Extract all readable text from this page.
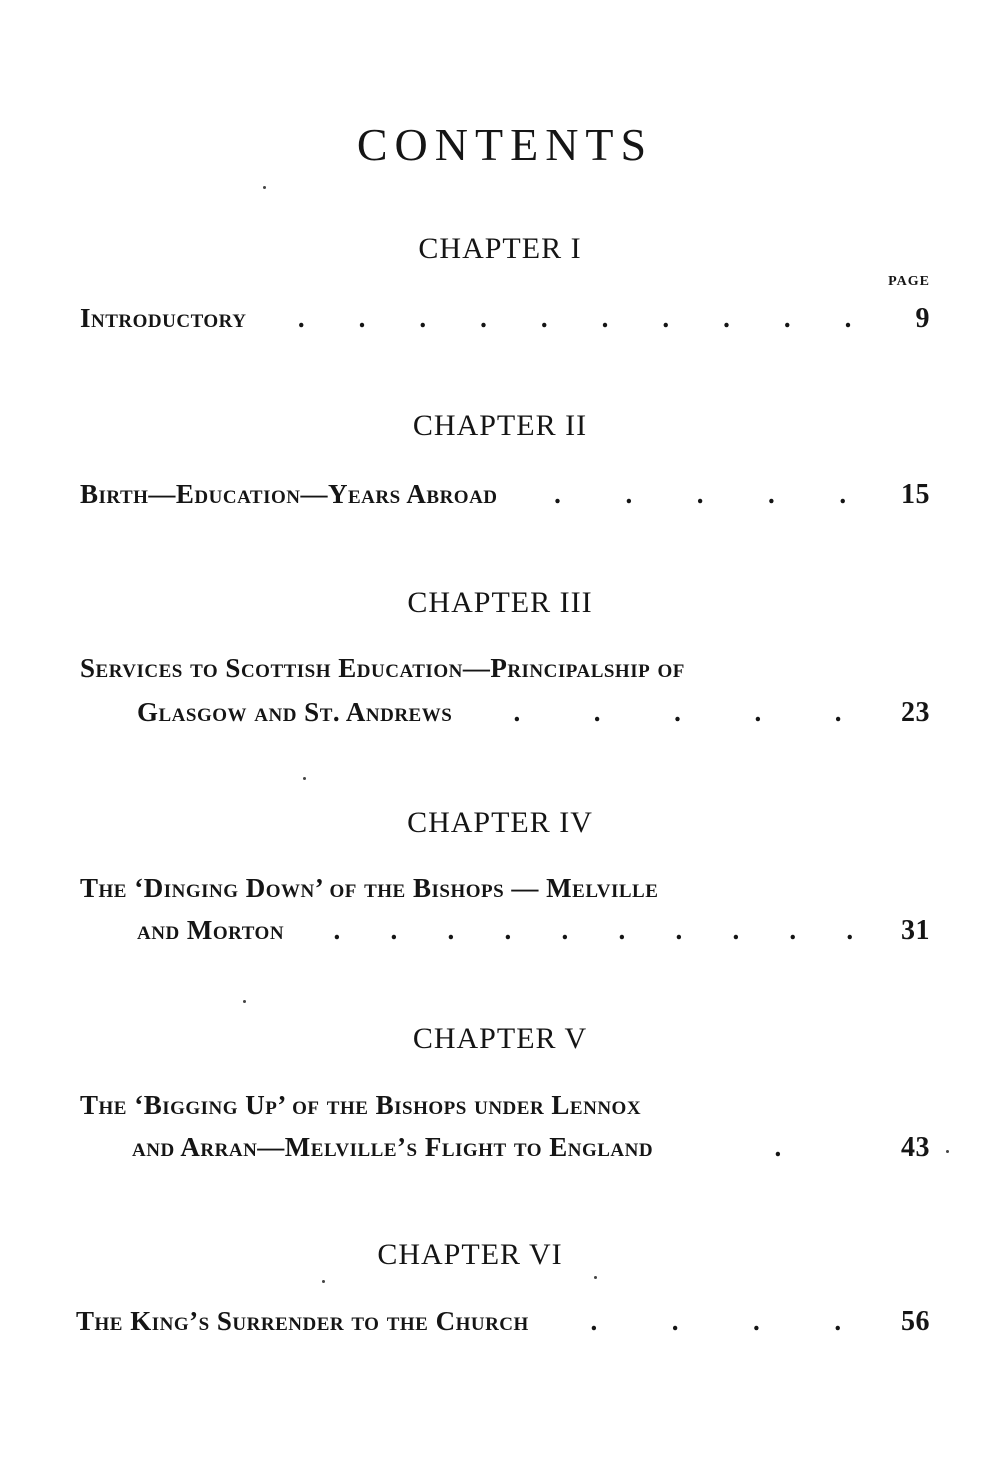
CONTENTS
CHAPTER I
PAGE
Introductory . . . . . . . . . .	9
CHAPTER II
Birth—Education—Years Abroad . . . . .	15
CHAPTER III
Services to Scottish Education—Principalship of
Glasgow and St. Andrews .	.	.	.	.	23
CHAPTER IV
The ‘Dinging Down’ of the Bishops — Melville
and Morton . . . . . . . . . .	31
CHAPTER V
The ‘Bigging Up’ of the Bishops under Lennox
and Arran—Melville’s Flight to England	.	43
CHAPTER VI
The King’s Surrender to the Church .	.	.	.	56
